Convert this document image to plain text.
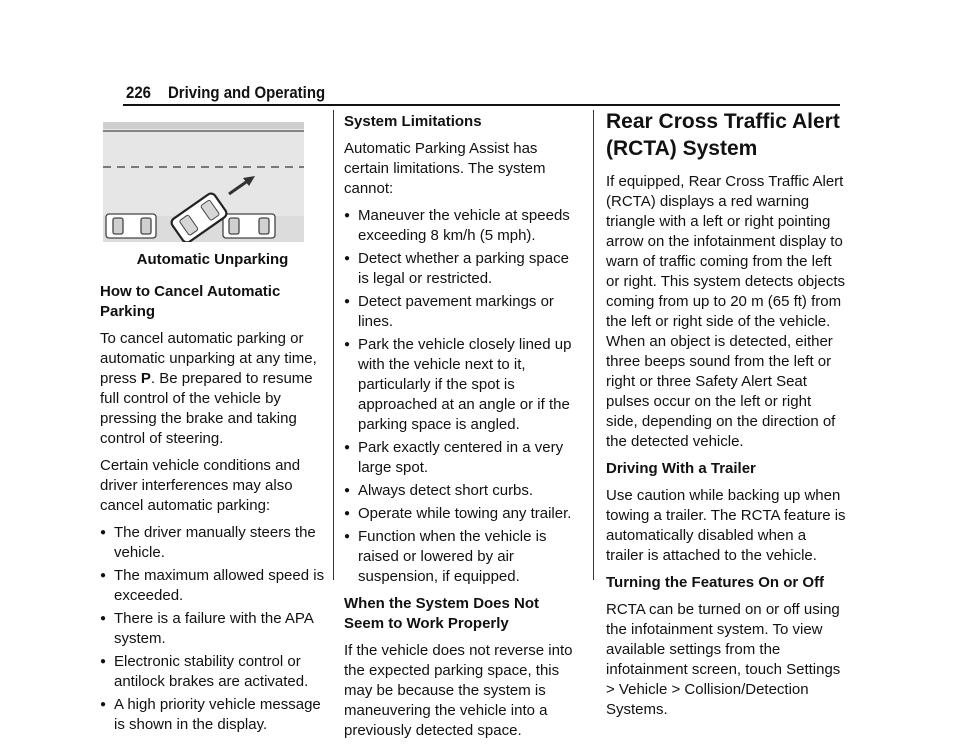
226 Driving and Operating
Automatic Unparking

How to Cancel Automatic Parking

To cancel automatic parking or automatic unparking at any time, press P. Be prepared to resume full control of the vehicle by pressing the brake and taking control of steering.

Certain vehicle conditions and driver interferences may also cancel automatic parking:

● The driver manually steers the vehicle.
● The maximum allowed speed is exceeded.
● There is a failure with the APA system.
● Electronic stability control or antilock brakes are activated.
● A high priority vehicle message is shown in the display.

System Limitations

Automatic Parking Assist has certain limitations. The system cannot:

● Maneuver the vehicle at speeds exceeding 8 km/h (5 mph).
● Detect whether a parking space is legal or restricted.
● Detect pavement markings or lines.
● Park the vehicle closely lined up with the vehicle next to it, particularly if the spot is approached at an angle or if the parking space is angled.
● Park exactly centered in a very large spot.
● Always detect short curbs.
● Operate while towing any trailer.
● Function when the vehicle is raised or lowered by air suspension, if equipped.

When the System Does Not Seem to Work Properly

If the vehicle does not reverse into the expected parking space, this may be because the system is maneuvering the vehicle into a previously detected space.

Rear Cross Traffic Alert (RCTA) System

If equipped, Rear Cross Traffic Alert (RCTA) displays a red warning triangle with a left or right pointing arrow on the infotainment display to warn of traffic coming from the left or right. This system detects objects coming from up to 20 m (65 ft) from the left or right side of the vehicle. When an object is detected, either three beeps sound from the left or right or three Safety Alert Seat pulses occur on the left or right side, depending on the direction of the detected vehicle.

Driving With a Trailer

Use caution while backing up when towing a trailer. The RCTA feature is automatically disabled when a trailer is attached to the vehicle.

Turning the Features On or Off

RCTA can be turned on or off using the infotainment system. To view available settings from the infotainment screen, touch Settings > Vehicle > Collision/Detection Systems.
